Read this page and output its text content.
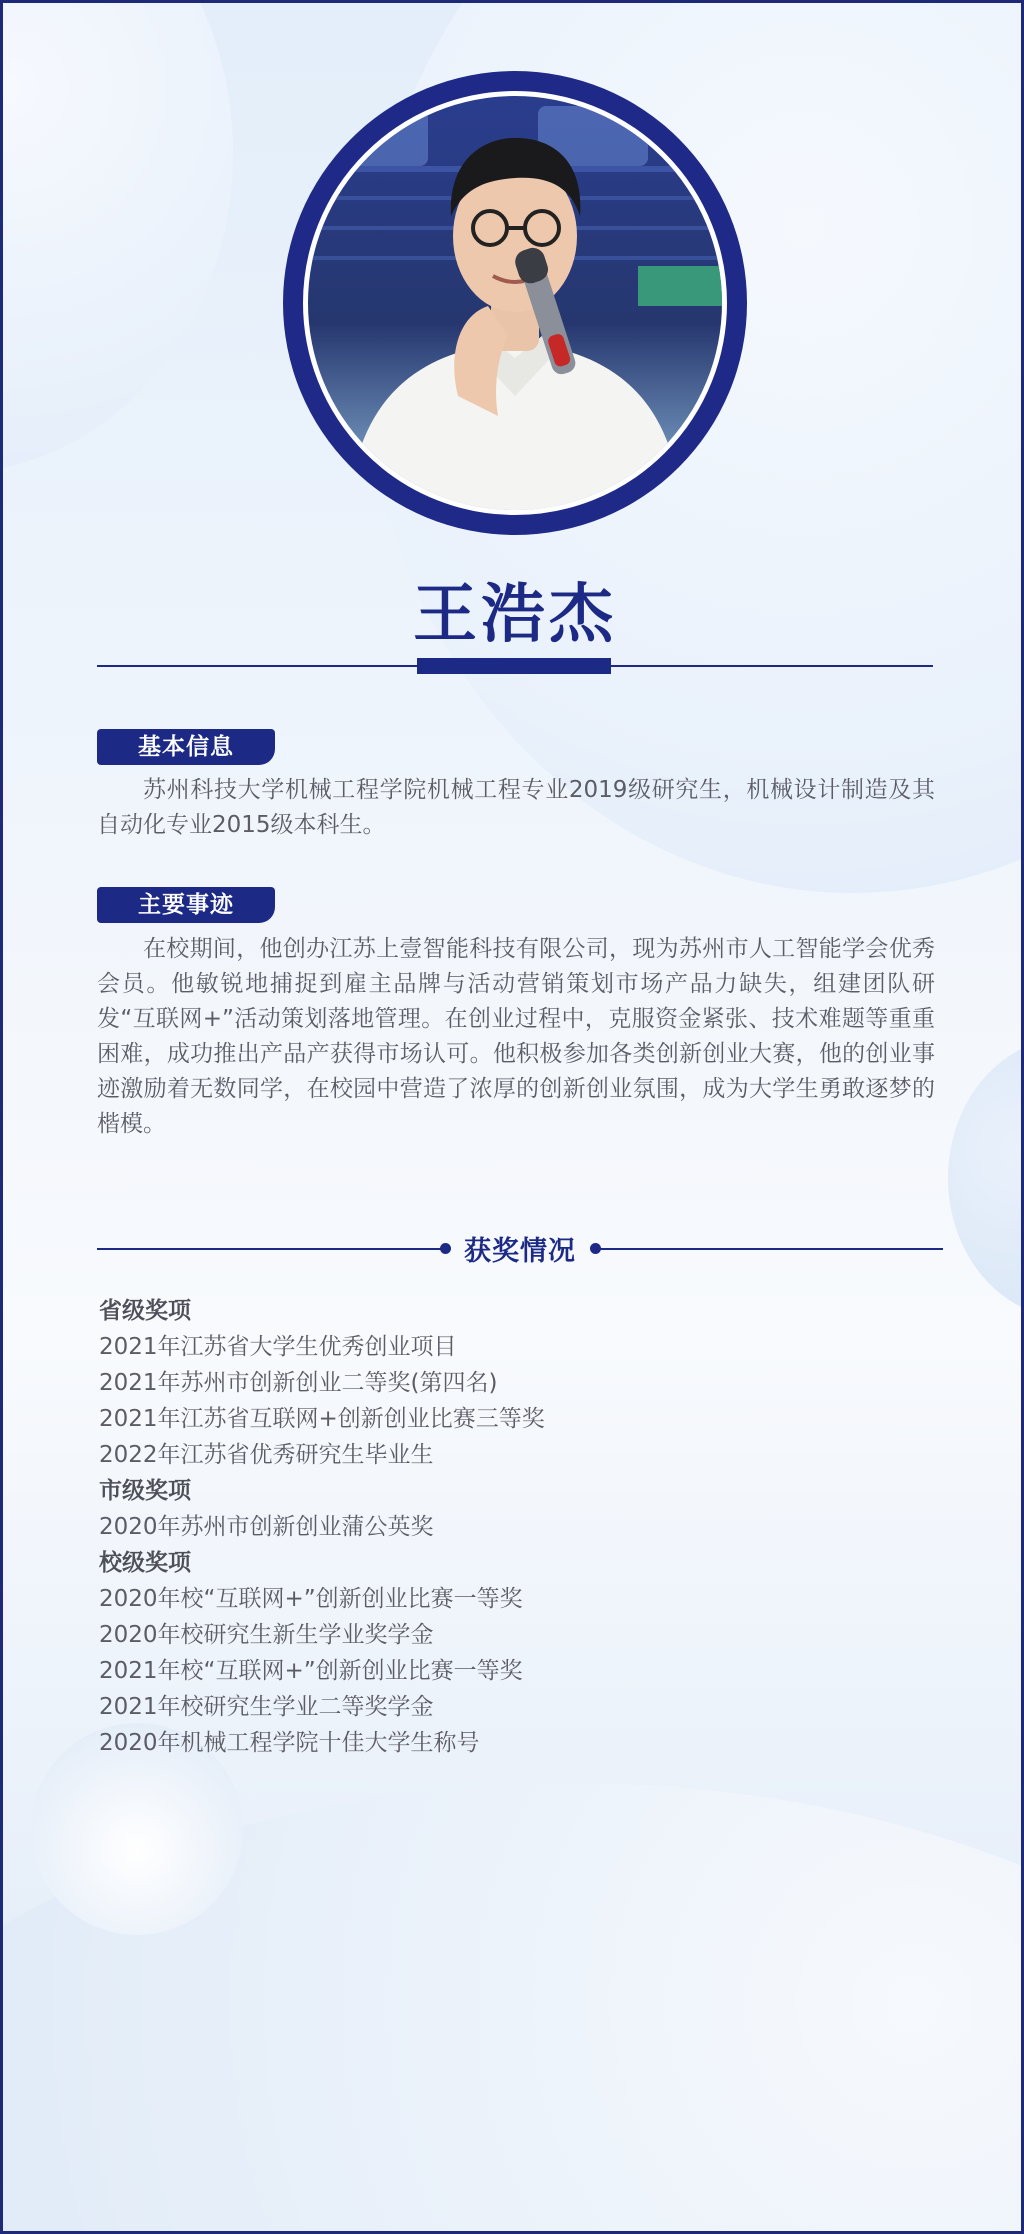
王浩杰
基本信息
苏州科技大学机械工程学院机械工程专业2019级研究生，机械设计制造及其自动化专业2015级本科生。
主要事迹
在校期间，他创办江苏上壹智能科技有限公司，现为苏州市人工智能学会优秀会员。他敏锐地捕捉到雇主品牌与活动营销策划市场产品力缺失，组建团队研发“互联网+”活动策划落地管理。在创业过程中，克服资金紧张、技术难题等重重困难，成功推出产品产获得市场认可。他积极参加各类创新创业大赛，他的创业事迹激励着无数同学，在校园中营造了浓厚的创新创业氛围，成为大学生勇敢逐梦的楷模。
获奖情况
省级奖项
2021年江苏省大学生优秀创业项目
2021年苏州市创新创业二等奖(第四名)
2021年江苏省互联网+创新创业比赛三等奖
2022年江苏省优秀研究生毕业生
市级奖项
2020年苏州市创新创业蒲公英奖
校级奖项
2020年校“互联网+”创新创业比赛一等奖
2020年校研究生新生学业奖学金
2021年校“互联网+”创新创业比赛一等奖
2021年校研究生学业二等奖学金
2020年机械工程学院十佳大学生称号
